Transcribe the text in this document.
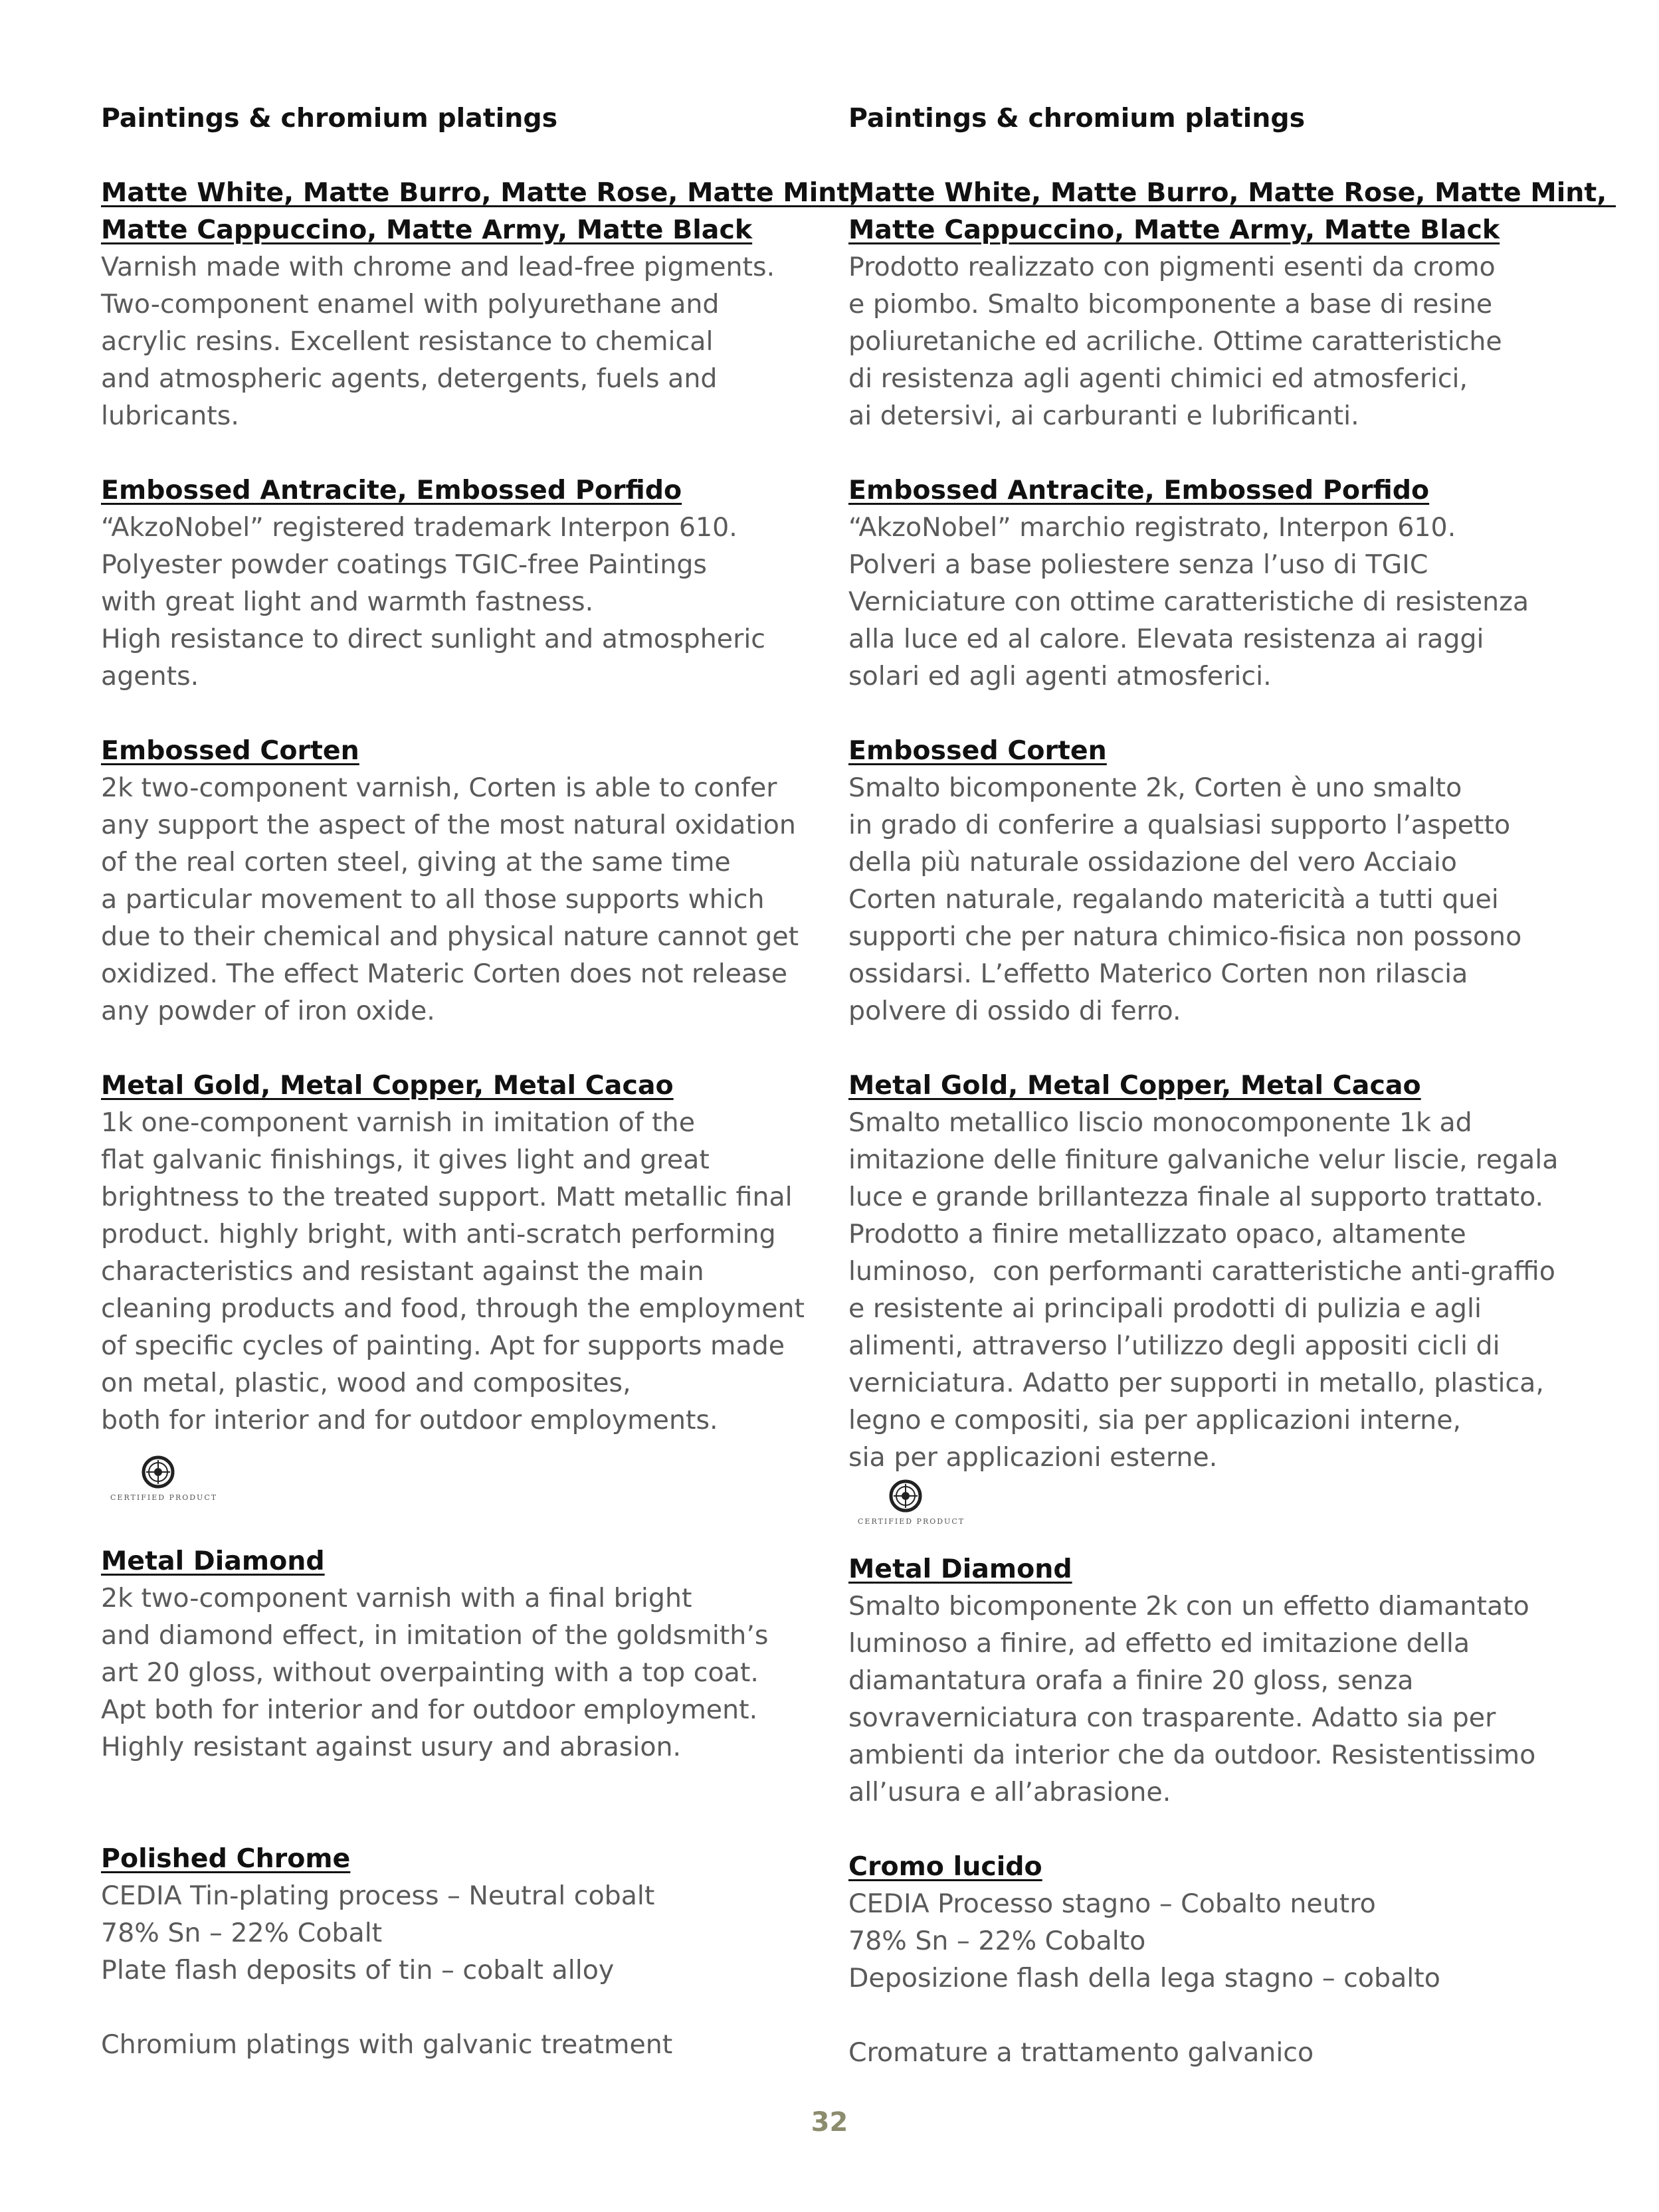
Paintings & chromium platings
Matte White, Matte Burro, Matte Rose, Matte Mint,
Matte Cappuccino, Matte Army, Matte Black
Varnish made with chrome and lead-free pigments.
Two-component enamel with polyurethane and
acrylic resins. Excellent resistance to chemical
and atmospheric agents, detergents, fuels and
lubricants.
Embossed Antracite, Embossed Porfido
“AkzoNobel” registered trademark Interpon 610.
Polyester powder coatings TGIC-free Paintings
with great light and warmth fastness.
High resistance to direct sunlight and atmospheric
agents.
Embossed Corten
2k two-component varnish, Corten is able to confer
any support the aspect of the most natural oxidation
of the real corten steel, giving at the same time
a particular movement to all those supports which
due to their chemical and physical nature cannot get
oxidized. The effect Materic Corten does not release
any powder of iron oxide.
Metal Gold, Metal Copper, Metal Cacao
1k one-component varnish in imitation of the
flat galvanic finishings, it gives light and great
brightness to the treated support. Matt metallic final
product. highly bright, with anti-scratch performing
characteristics and resistant against the main
cleaning products and food, through the employment
of specific cycles of painting. Apt for supports made
on metal, plastic, wood and composites,
both for interior and for outdoor employments.
CERTIFIED PRODUCT
Metal Diamond
2k two-component varnish with a final bright
and diamond effect, in imitation of the goldsmith’s
art 20 gloss, without overpainting with a top coat.
Apt both for interior and for outdoor employment.
Highly resistant against usury and abrasion.
Polished Chrome
CEDIA Tin-plating process – Neutral cobalt
78% Sn – 22% Cobalt
Plate flash deposits of tin – cobalt alloy
Chromium platings with galvanic treatment
Paintings & chromium platings
Matte White, Matte Burro, Matte Rose, Matte Mint,
Matte Cappuccino, Matte Army, Matte Black
Prodotto realizzato con pigmenti esenti da cromo
e piombo. Smalto bicomponente a base di resine
poliuretaniche ed acriliche. Ottime caratteristiche
di resistenza agli agenti chimici ed atmosferici,
ai detersivi, ai carburanti e lubrificanti.
Embossed Antracite, Embossed Porfido
“AkzoNobel” marchio registrato, Interpon 610.
Polveri a base poliestere senza l’uso di TGIC
Verniciature con ottime caratteristiche di resistenza
alla luce ed al calore. Elevata resistenza ai raggi
solari ed agli agenti atmosferici.
Embossed Corten
Smalto bicomponente 2k, Corten è uno smalto
in grado di conferire a qualsiasi supporto l’aspetto
della più naturale ossidazione del vero Acciaio
Corten naturale, regalando matericità a tutti quei
supporti che per natura chimico-fisica non possono
ossidarsi. L’effetto Materico Corten non rilascia
polvere di ossido di ferro.
Metal Gold, Metal Copper, Metal Cacao
Smalto metallico liscio monocomponente 1k ad
imitazione delle finiture galvaniche velur liscie, regala
luce e grande brillantezza finale al supporto trattato.
Prodotto a finire metallizzato opaco, altamente
luminoso,  con performanti caratteristiche anti-graffio
e resistente ai principali prodotti di pulizia e agli
alimenti, attraverso l’utilizzo degli appositi cicli di
verniciatura. Adatto per supporti in metallo, plastica,
legno e compositi, sia per applicazioni interne,
sia per applicazioni esterne.
CERTIFIED PRODUCT
Metal Diamond
Smalto bicomponente 2k con un effetto diamantato
luminoso a finire, ad effetto ed imitazione della
diamantatura orafa a finire 20 gloss, senza
sovraverniciatura con trasparente. Adatto sia per
ambienti da interior che da outdoor. Resistentissimo
all’usura e all’abrasione.
Cromo lucido
CEDIA Processo stagno – Cobalto neutro
78% Sn – 22% Cobalto
Deposizione flash della lega stagno – cobalto
Cromature a trattamento galvanico
32
